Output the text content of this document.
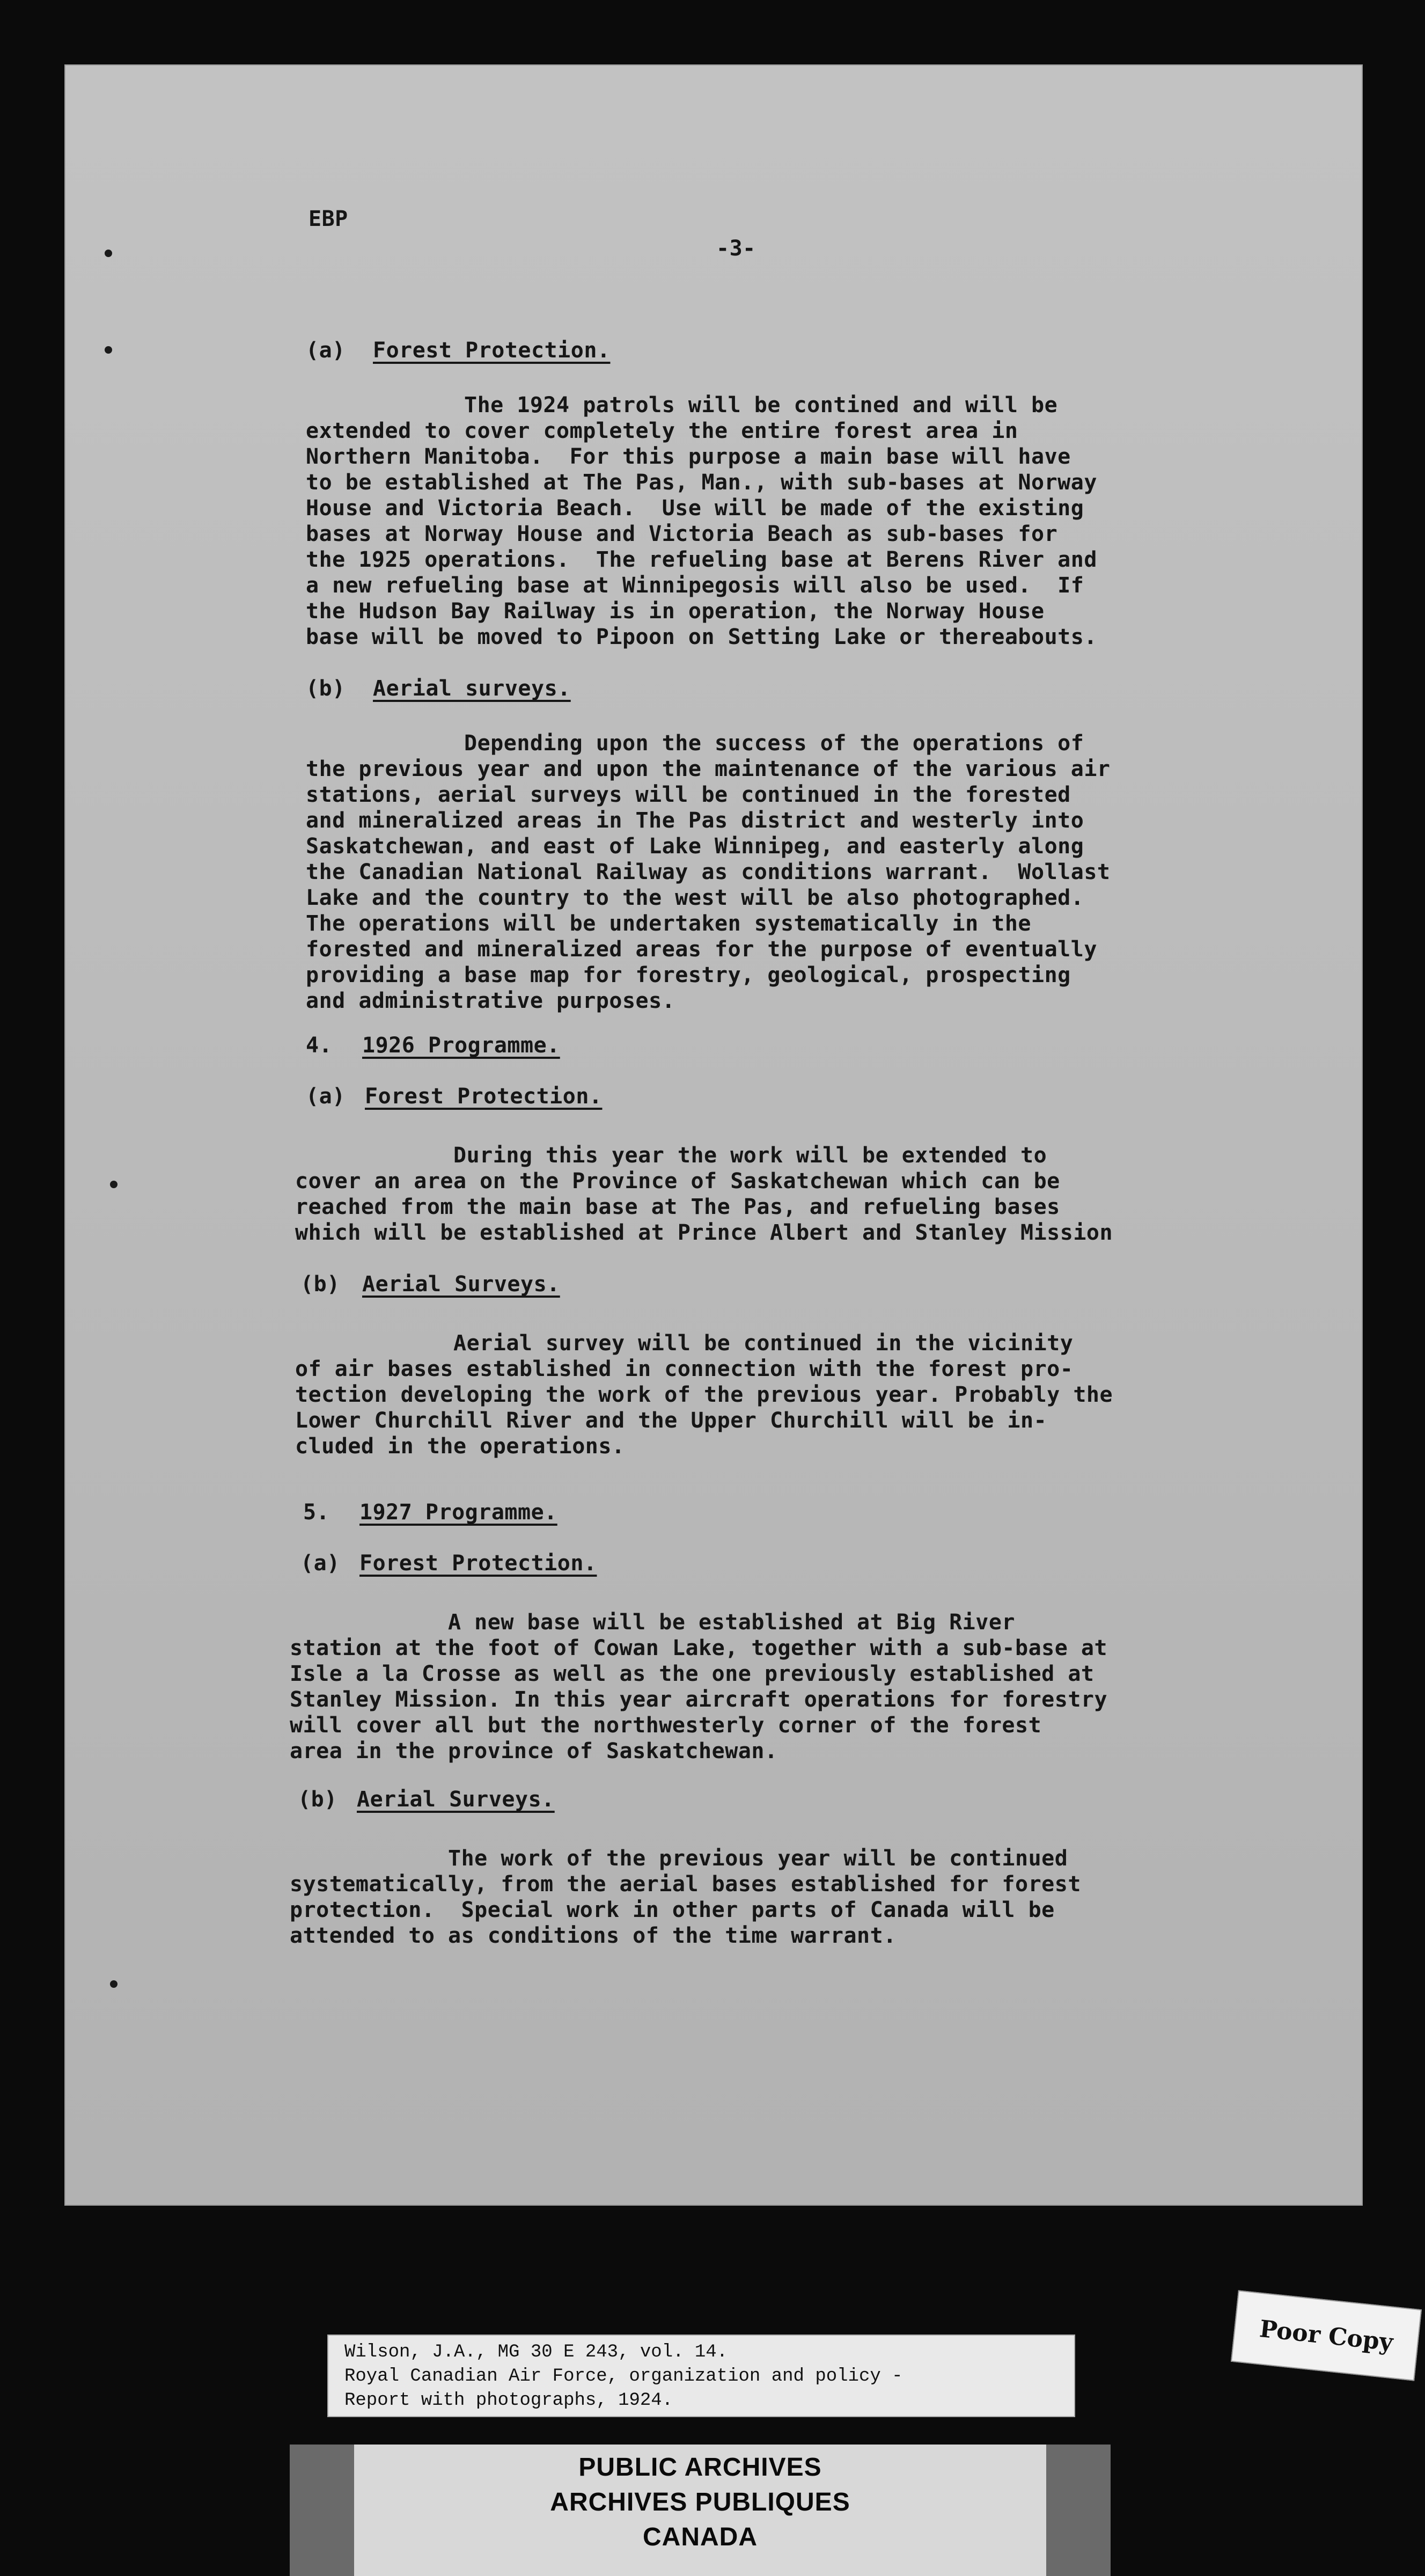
EBP
-3-
(a) Forest Protection.
The 1924 patrols will be contined and will be
extended to cover completely the entire forest area in
Northern Manitoba.  For this purpose a main base will have
to be established at The Pas, Man., with sub-bases at Norway
House and Victoria Beach.  Use will be made of the existing
bases at Norway House and Victoria Beach as sub-bases for
the 1925 operations.  The refueling base at Berens River and
a new refueling base at Winnipegosis will also be used.  If
the Hudson Bay Railway is in operation, the Norway House
base will be moved to Pipoon on Setting Lake or thereabouts.
(b) Aerial surveys.
Depending upon the success of the operations of
the previous year and upon the maintenance of the various air
stations, aerial surveys will be continued in the forested
and mineralized areas in The Pas district and westerly into
Saskatchewan, and east of Lake Winnipeg, and easterly along
the Canadian National Railway as conditions warrant.  Wollast
Lake and the country to the west will be also photographed.
The operations will be undertaken systematically in the
forested and mineralized areas for the purpose of eventually
providing a base map for forestry, geological, prospecting
and administrative purposes.
4. 1926 Programme.
(a) Forest Protection.
During this year the work will be extended to
cover an area on the Province of Saskatchewan which can be
reached from the main base at The Pas, and refueling bases
which will be established at Prince Albert and Stanley Mission
(b) Aerial Surveys.
Aerial survey will be continued in the vicinity
of air bases established in connection with the forest pro-
tection developing the work of the previous year. Probably the
Lower Churchill River and the Upper Churchill will be in-
cluded in the operations.
5. 1927 Programme.
(a) Forest Protection.
A new base will be established at Big River
station at the foot of Cowan Lake, together with a sub-base at
Isle a la Crosse as well as the one previously established at
Stanley Mission. In this year aircraft operations for forestry
will cover all but the northwesterly corner of the forest
area in the province of Saskatchewan.
(b) Aerial Surveys.
The work of the previous year will be continued
systematically, from the aerial bases established for forest
protection.  Special work in other parts of Canada will be
attended to as conditions of the time warrant.
Wilson, J.A., MG 30 E 243, vol. 14.
Royal Canadian Air Force, organization and policy -
Report with photographs, 1924.
PUBLIC ARCHIVES
ARCHIVES PUBLIQUES
CANADA
Poor Copy
